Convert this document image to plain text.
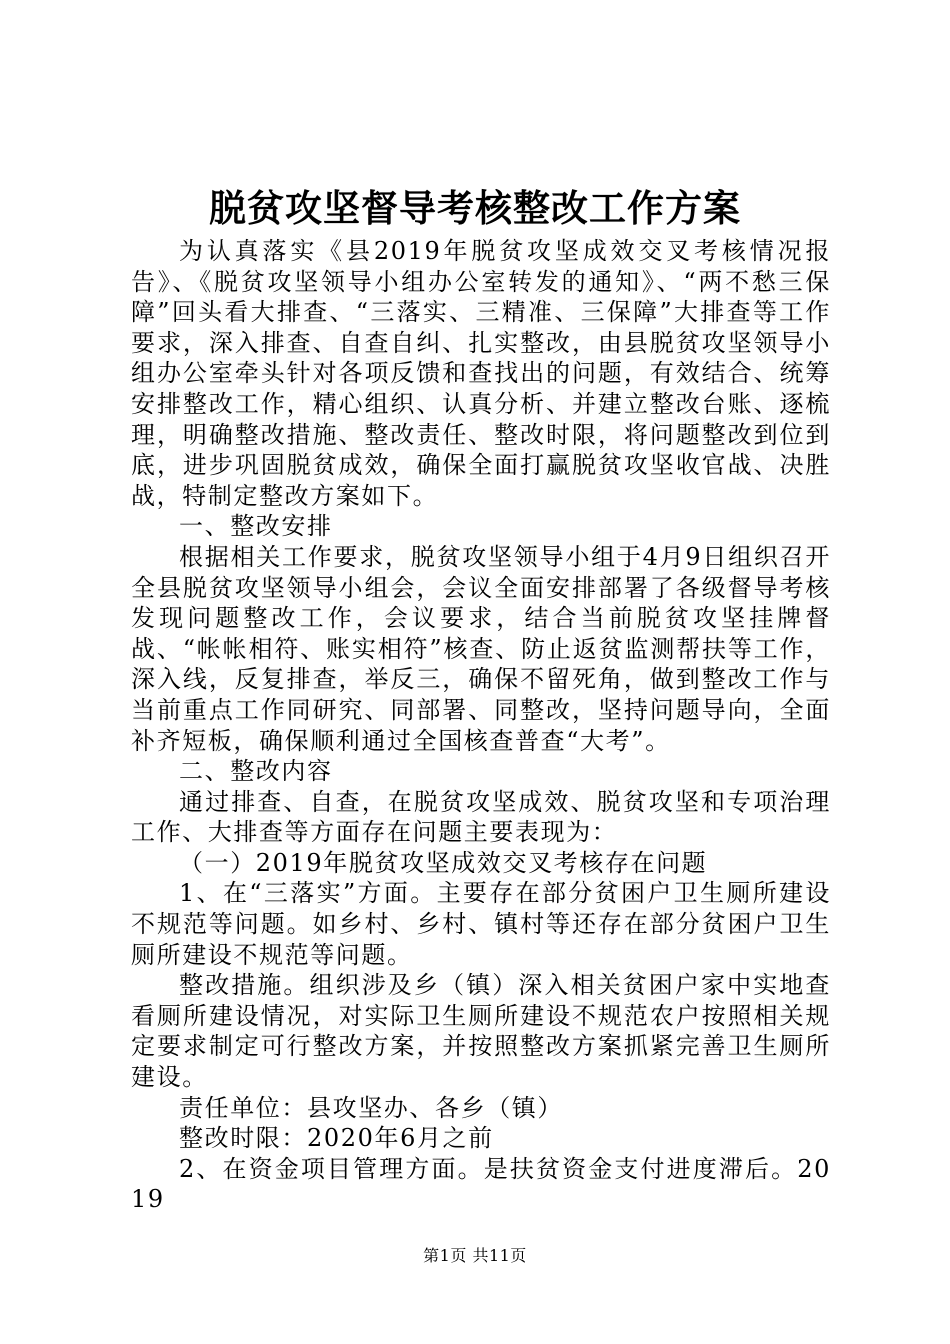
脱贫攻坚督导考核整改工作方案

为认真落实《县2019年脱贫攻坚成效交叉考核情况报告》、《脱贫攻坚领导小组办公室转发的通知》、“两不愁三保障”回头看大排查、“三落实、三精准、三保障”大排查等工作要求，深入排查、自查自纠、扎实整改，由县脱贫攻坚领导小组办公室牵头针对各项反馈和查找出的问题，有效结合、统筹安排整改工作，精心组织、认真分析、并建立整改台账、逐梳理，明确整改措施、整改责任、整改时限，将问题整改到位到底，进步巩固脱贫成效，确保全面打赢脱贫攻坚收官战、决胜战，特制定整改方案如下。

一、整改安排

根据相关工作要求，脱贫攻坚领导小组于4月9日组织召开全县脱贫攻坚领导小组会，会议全面安排部署了各级督导考核发现问题整改工作，会议要求，结合当前脱贫攻坚挂牌督战、“帐帐相符、账实相符”核查、防止返贫监测帮扶等工作，深入线，反复排查，举反三，确保不留死角，做到整改工作与当前重点工作同研究、同部署、同整改，坚持问题导向，全面补齐短板，确保顺利通过全国核查普查“大考”。

二、整改内容

通过排查、自查，在脱贫攻坚成效、脱贫攻坚和专项治理工作、大排查等方面存在问题主要表现为：

（一）2019年脱贫攻坚成效交叉考核存在问题

1、在“三落实”方面。主要存在部分贫困户卫生厕所建设不规范等问题。如乡村、乡村、镇村等还存在部分贫困户卫生厕所建设不规范等问题。

整改措施。组织涉及乡（镇）深入相关贫困户家中实地查看厕所建设情况，对实际卫生厕所建设不规范农户按照相关规定要求制定可行整改方案，并按照整改方案抓紧完善卫生厕所建设。

责任单位：县攻坚办、各乡（镇）

整改时限：2020年6月之前

2、在资金项目管理方面。是扶贫资金支付进度滞后。2019

第1页 共11页
